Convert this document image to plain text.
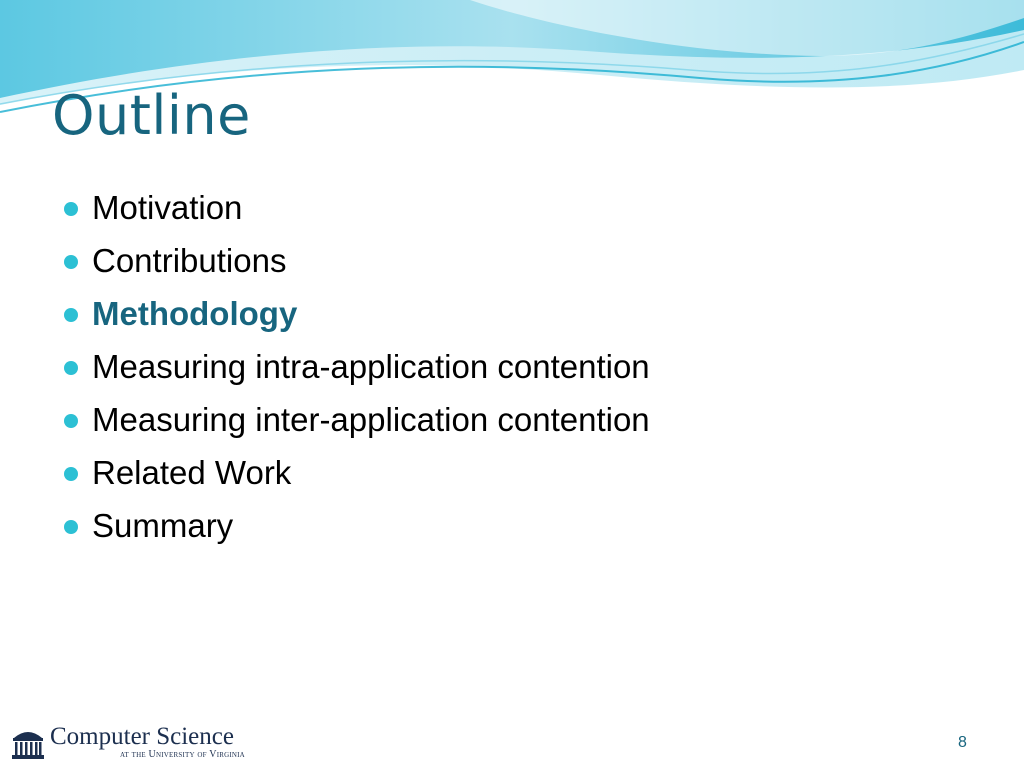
Outline
Motivation
Contributions
Methodology
Measuring intra-application contention
Measuring inter-application contention
Related Work
Summary
Computer Science
at the University of Virginia
8
